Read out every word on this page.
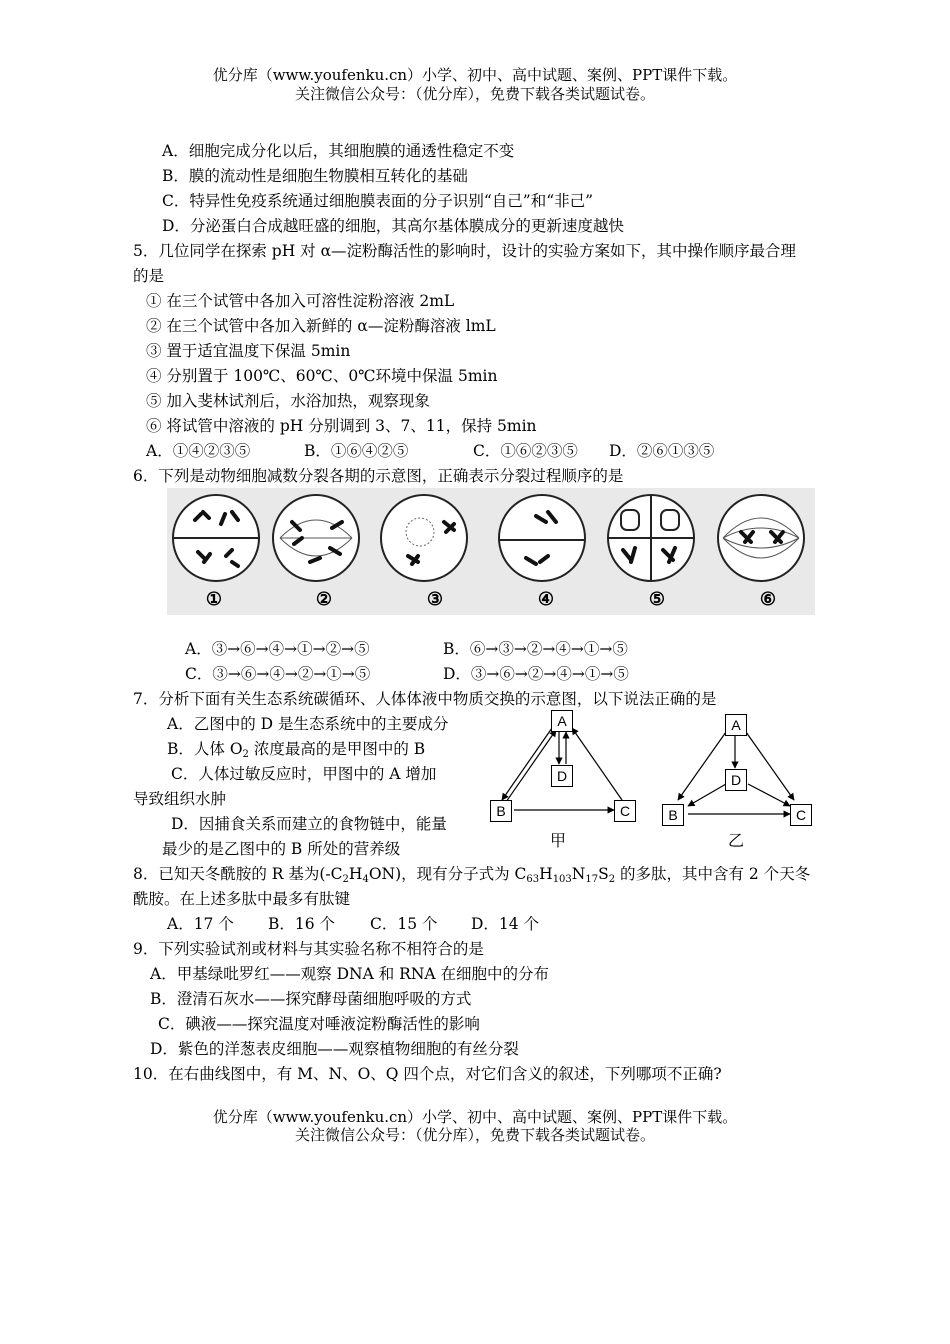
优分库（www.youfenku.cn）小学、初中、高中试题、案例、PPT课件下载。
关注微信公众号：（优分库），免费下载各类试题试卷。
A．细胞完成分化以后，其细胞膜的通透性稳定不变
B．膜的流动性是细胞生物膜相互转化的基础
C．特异性免疫系统通过细胞膜表面的分子识别“自己”和“非己”
D．分泌蛋白合成越旺盛的细胞，其高尔基体膜成分的更新速度越快
5．几位同学在探索 pH 对 α—淀粉酶活性的影响时，设计的实验方案如下，其中操作顺序最合理
的是
① 在三个试管中各加入可溶性淀粉溶液 2mL
② 在三个试管中各加入新鲜的 α—淀粉酶溶液 lmL
③ 置于适宜温度下保温 5min
④ 分别置于 100℃、60℃、0℃环境中保温 5min
⑤ 加入斐林试剂后，水浴加热，观察现象
⑥ 将试管中溶液的 pH 分别调到 3、7、11，保持 5min
A．①④②③⑤	B．①⑥④②⑤	C．①⑥②③⑤ D．②⑥①③⑤
6．下列是动物细胞减数分裂各期的示意图，正确表示分裂过程顺序的是
①	②	③	④	⑤	⑥
A．③→⑥→④→①→②→⑤	B．⑥→③→②→④→①→⑤
C．③→⑥→④→②→①→⑤	D．③→⑥→②→④→①→⑤
7．分析下面有关生态系统碳循环、人体体液中物质交换的示意图，以下说法正确的是
A．乙图中的 D 是生态系统中的主要成分
B．人体 $O_2$ 浓度最高的是甲图中的 B
C．人体过敏反应时，甲图中的 A 增加
导致组织水肿
D．因捕食关系而建立的食物链中，能量
最少的是乙图中的 B 所处的营养级
A
D
B	C
甲
A
D
B	C
乙
8．已知天冬酰胺的 R 基为$(-C_2H_4ON)$，现有分子式为 $C_{63}H_{103}N_{17}S_2$ 的多肽，其中含有 2 个天冬
酰胺。在上述多肽中最多有肽键
A．17 个 B．16 个 C．15 个 D．14 个
9．下列实验试剂或材料与其实验名称不相符合的是
A．甲基绿吡罗红——观察 DNA 和 RNA 在细胞中的分布
B．澄清石灰水——探究酵母菌细胞呼吸的方式
C．碘液——探究温度对唾液淀粉酶活性的影响
D．紫色的洋葱表皮细胞——观察植物细胞的有丝分裂
10．在右曲线图中，有 M、N、O、Q 四个点，对它们含义的叙述，下列哪项不正确?
优分库（www.youfenku.cn）小学、初中、高中试题、案例、PPT课件下载。
关注微信公众号：（优分库），免费下载各类试题试卷。
